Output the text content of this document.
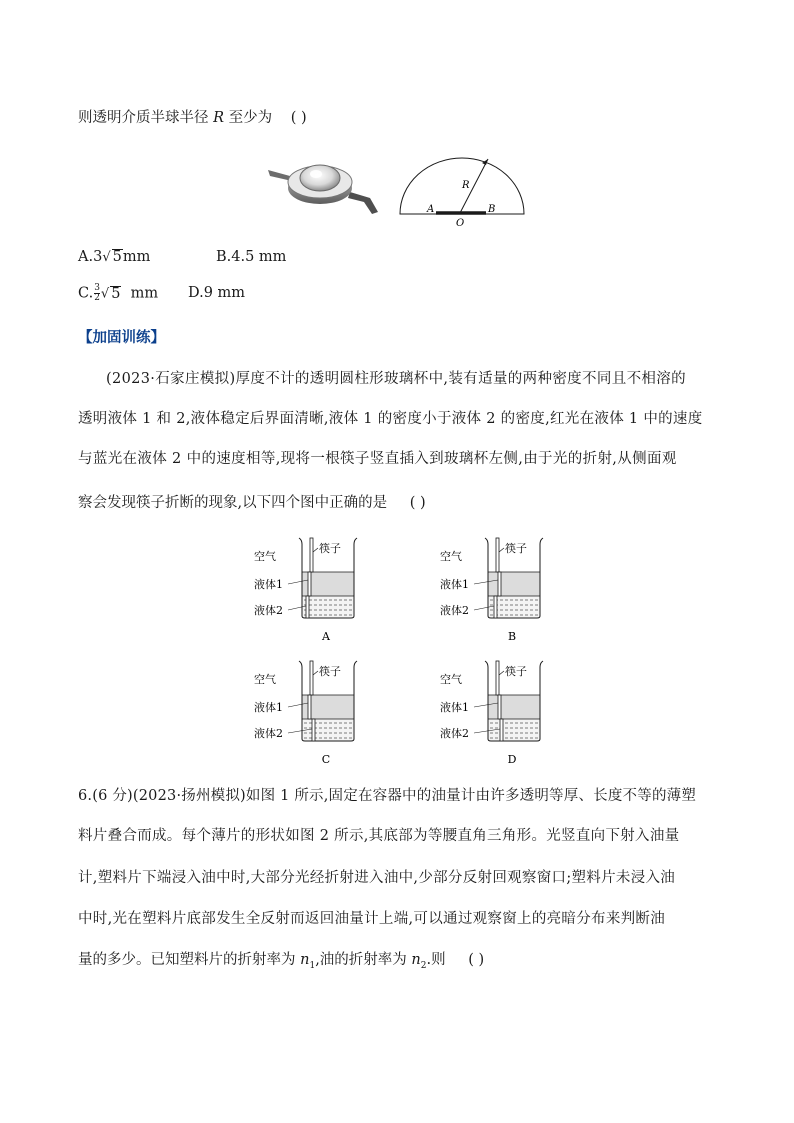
则透明介质半球半径 R 至少为 ( )
R
A	B
O
A.3√ 5mm	B.4.5 mm
C. $\frac{3}{2}$ √ 5 mm D.9 mm
【加固训练】
(2023·石家庄模拟)厚度不计的透明圆柱形玻璃杯中,装有适量的两种密度不同且不相溶的
透明液体 1 和 2,液体稳定后界面清晰,液体 1 的密度小于液体 2 的密度,红光在液体 1 中的速度
与蓝光在液体 2 中的速度相等,现将一根筷子竖直插入到玻璃杯左侧,由于光的折射,从侧面观
察会发现筷子折断的现象,以下四个图中正确的是 ( )
空气
液体1
液体2
筷子
A
空气
液体1
液体2
筷子
B
空气
液体1
液体2
筷子
C
空气
液体1
液体2
筷子
D
6.(6 分)(2023·扬州模拟)如图 1 所示,固定在容器中的油量计由许多透明等厚、长度不等的薄塑
料片叠合而成。每个薄片的形状如图 2 所示,其底部为等腰直角三角形。光竖直向下射入油量
计,塑料片下端浸入油中时,大部分光经折射进入油中,少部分反射回观察窗口;塑料片未浸入油
中时,光在塑料片底部发生全反射而返回油量计上端,可以通过观察窗上的亮暗分布来判断油
量的多少。已知塑料片的折射率为 $n_1$,油的折射率为 $n_2$.则 ( )
